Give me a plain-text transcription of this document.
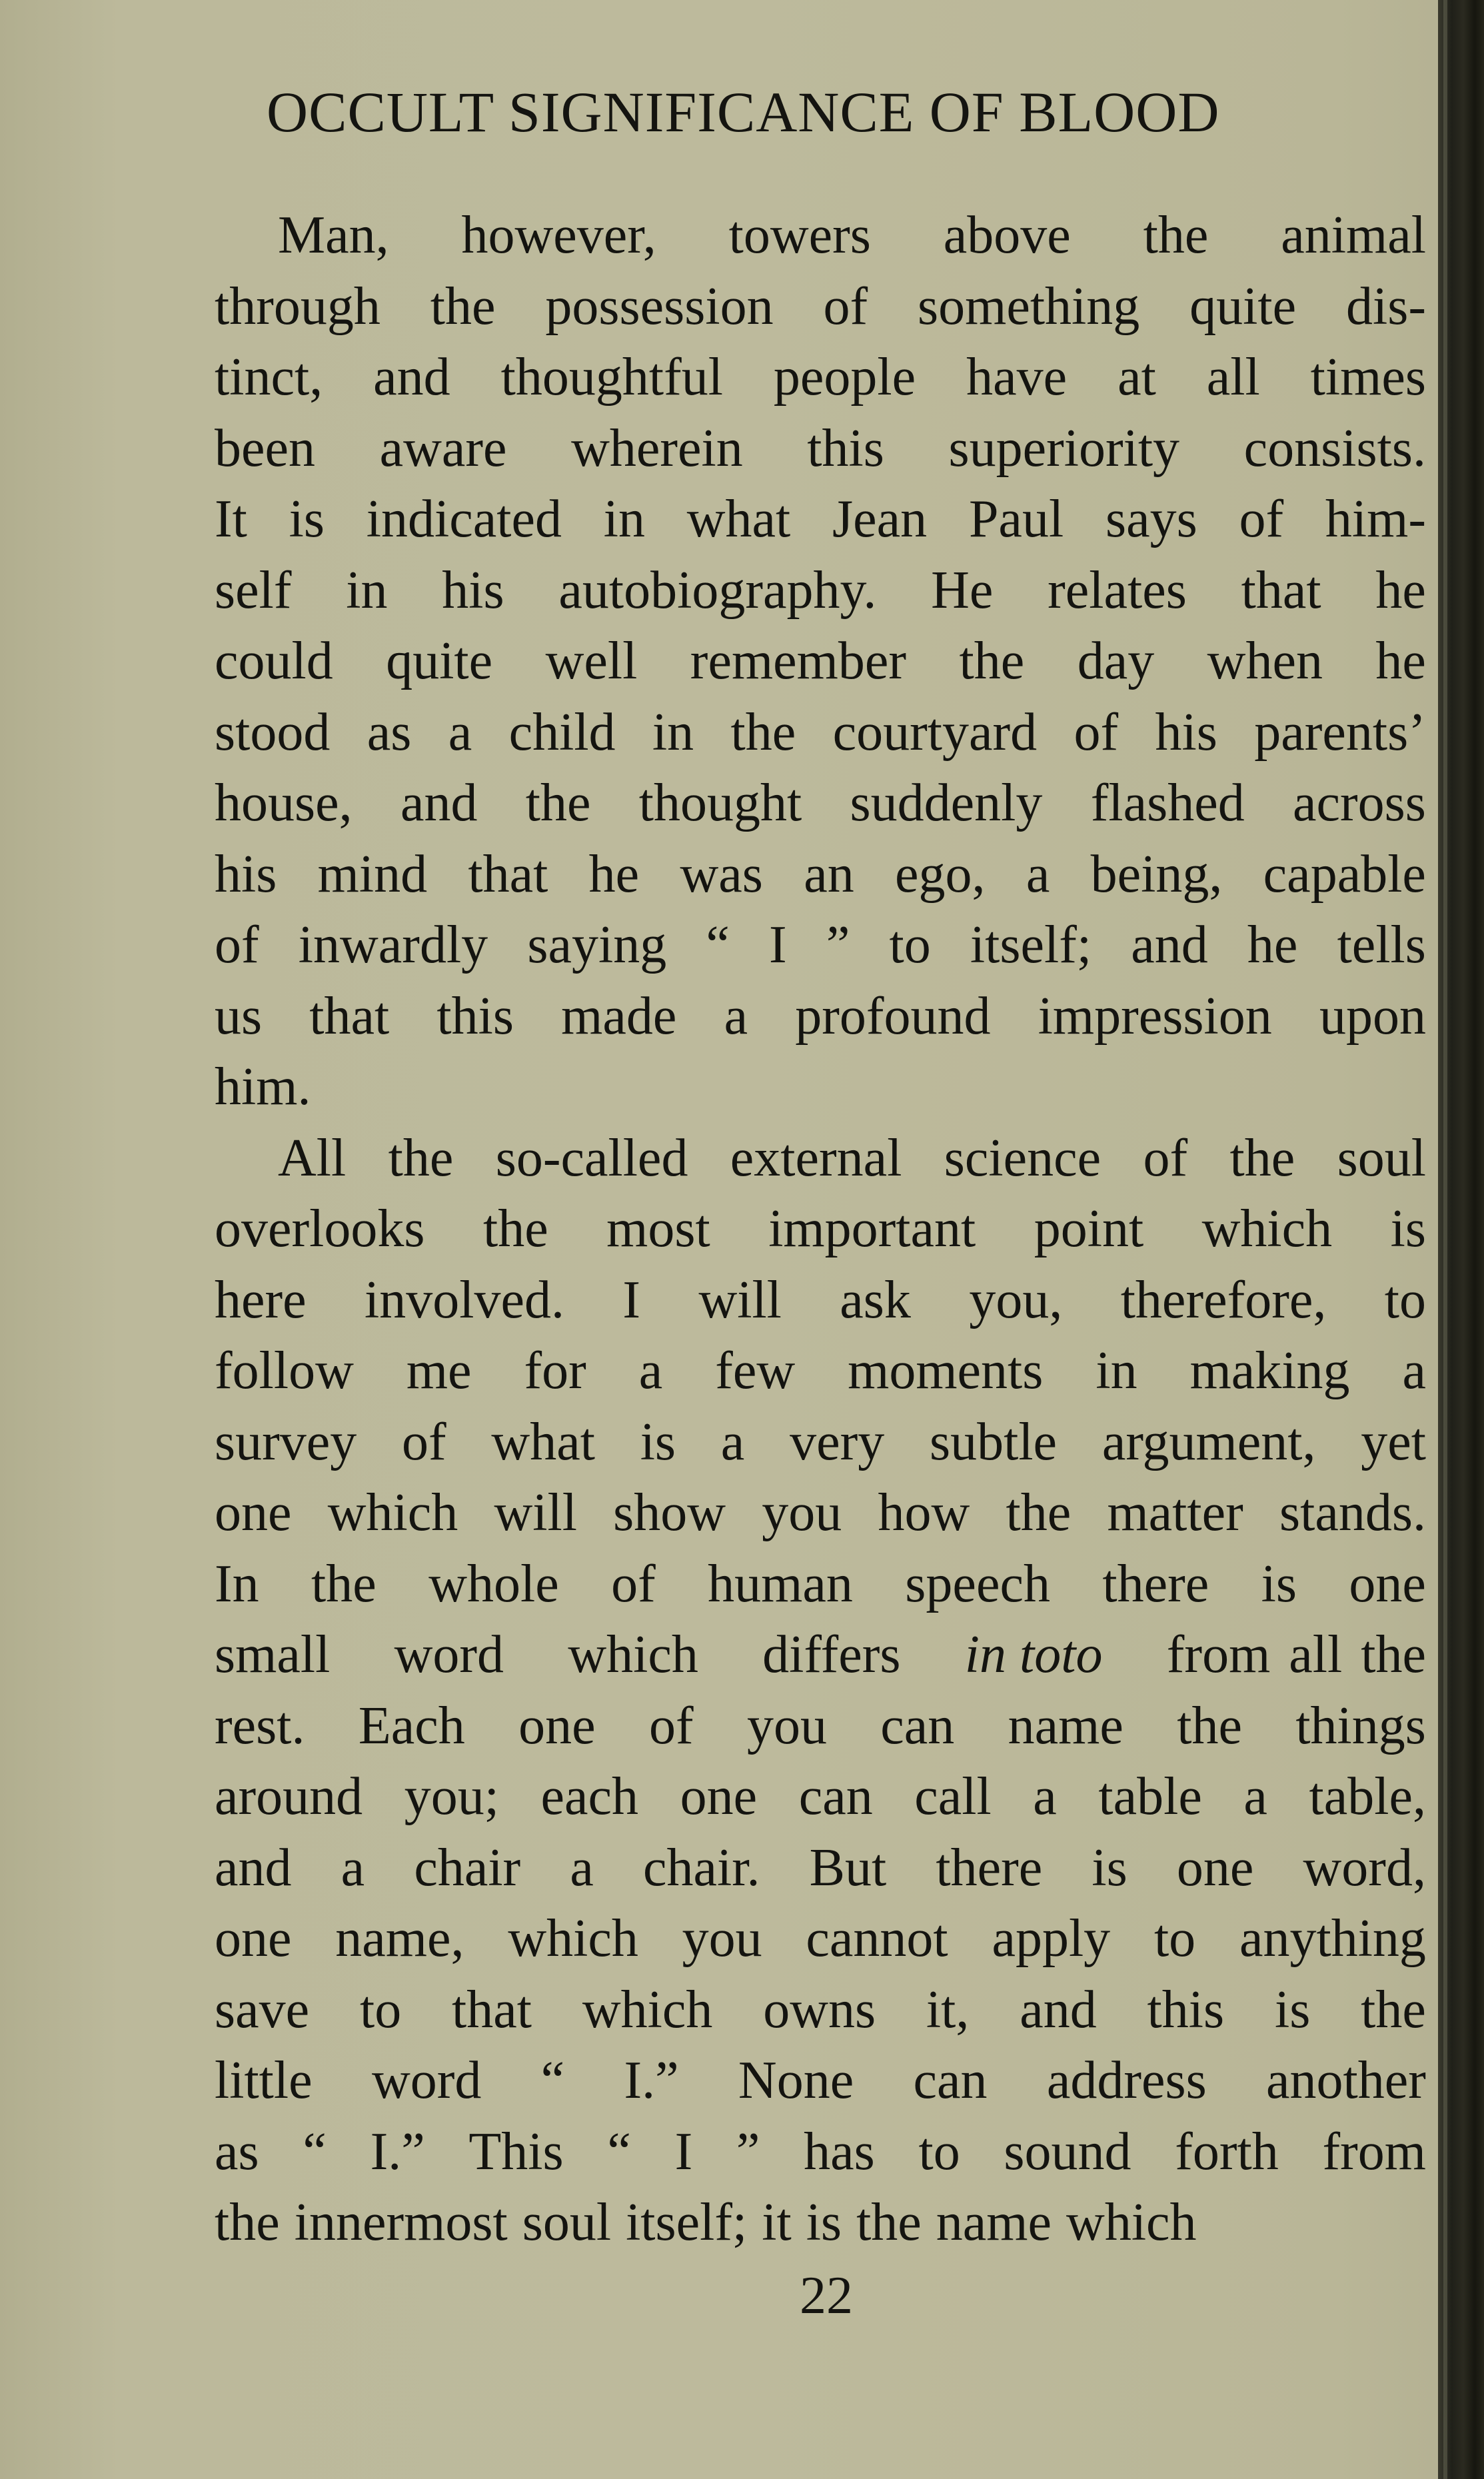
OCCULT SIGNIFICANCE OF BLOOD
Man, however, towers above the animal
through the possession of something quite dis-
tinct, and thoughtful people have at all times
been aware wherein this superiority consists.
It is indicated in what Jean Paul says of him-
self in his autobiography. He relates that he
could quite well remember the day when he
stood as a child in the courtyard of his parents’
house, and the thought suddenly flashed across
his mind that he was an ego, a being, capable
of inwardly saying “ I ” to itself; and he tells
us that this made a profound impression upon
him.
All the so-called external science of the soul
overlooks the most important point which is
here involved. I will ask you, therefore, to
follow me for a few moments in making a
survey of what is a very subtle argument, yet
one which will show you how the matter stands.
In the whole of human speech there is one
small word which differs in toto from all the
rest. Each one of you can name the things
around you; each one can call a table a table,
and a chair a chair. But there is one word,
one name, which you cannot apply to anything
save to that which owns it, and this is the
little word “ I.” None can address another
as “ I.” This “ I ” has to sound forth from
the innermost soul itself; it is the name which
22
